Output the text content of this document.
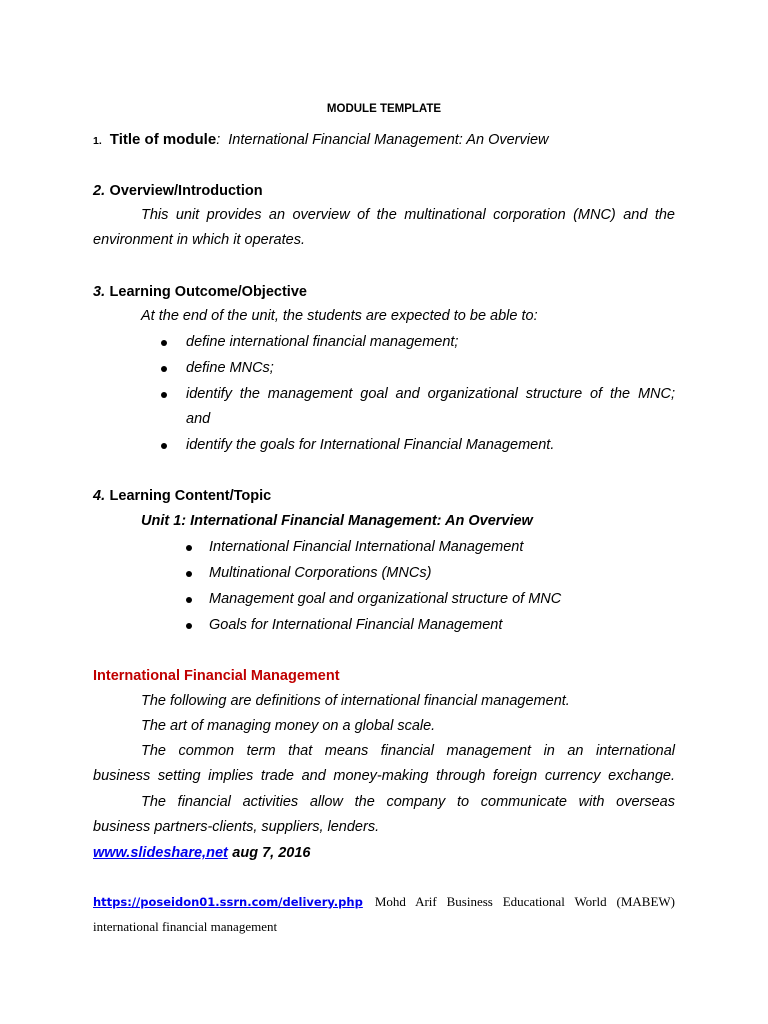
MODULE TEMPLATE
1. Title of module: International Financial Management: An Overview
2. Overview/Introduction
This unit provides an overview of the multinational corporation (MNC) and the
environment in which it operates.
3. Learning Outcome/Objective
At the end of the unit, the students are expected to be able to:
define international financial management;
define MNCs;
identify the management goal and organizational structure of the MNC;
and
identify the goals for International Financial Management.
4. Learning Content/Topic
Unit 1: International Financial Management: An Overview
International Financial International Management
Multinational Corporations (MNCs)
Management goal and organizational structure of MNC
Goals for International Financial Management
International Financial Management
The following are definitions of international financial management.
The art of managing money on a global scale.
The common term that means financial management in an international
business setting implies trade and money-making through foreign currency exchange.
The financial activities allow the company to communicate with overseas
business partners-clients, suppliers, lenders.
www.slideshare,net aug 7, 2016
https://poseidon01.ssrn.com/delivery.php Mohd Arif Business Educational World (MABEW)
international financial management
